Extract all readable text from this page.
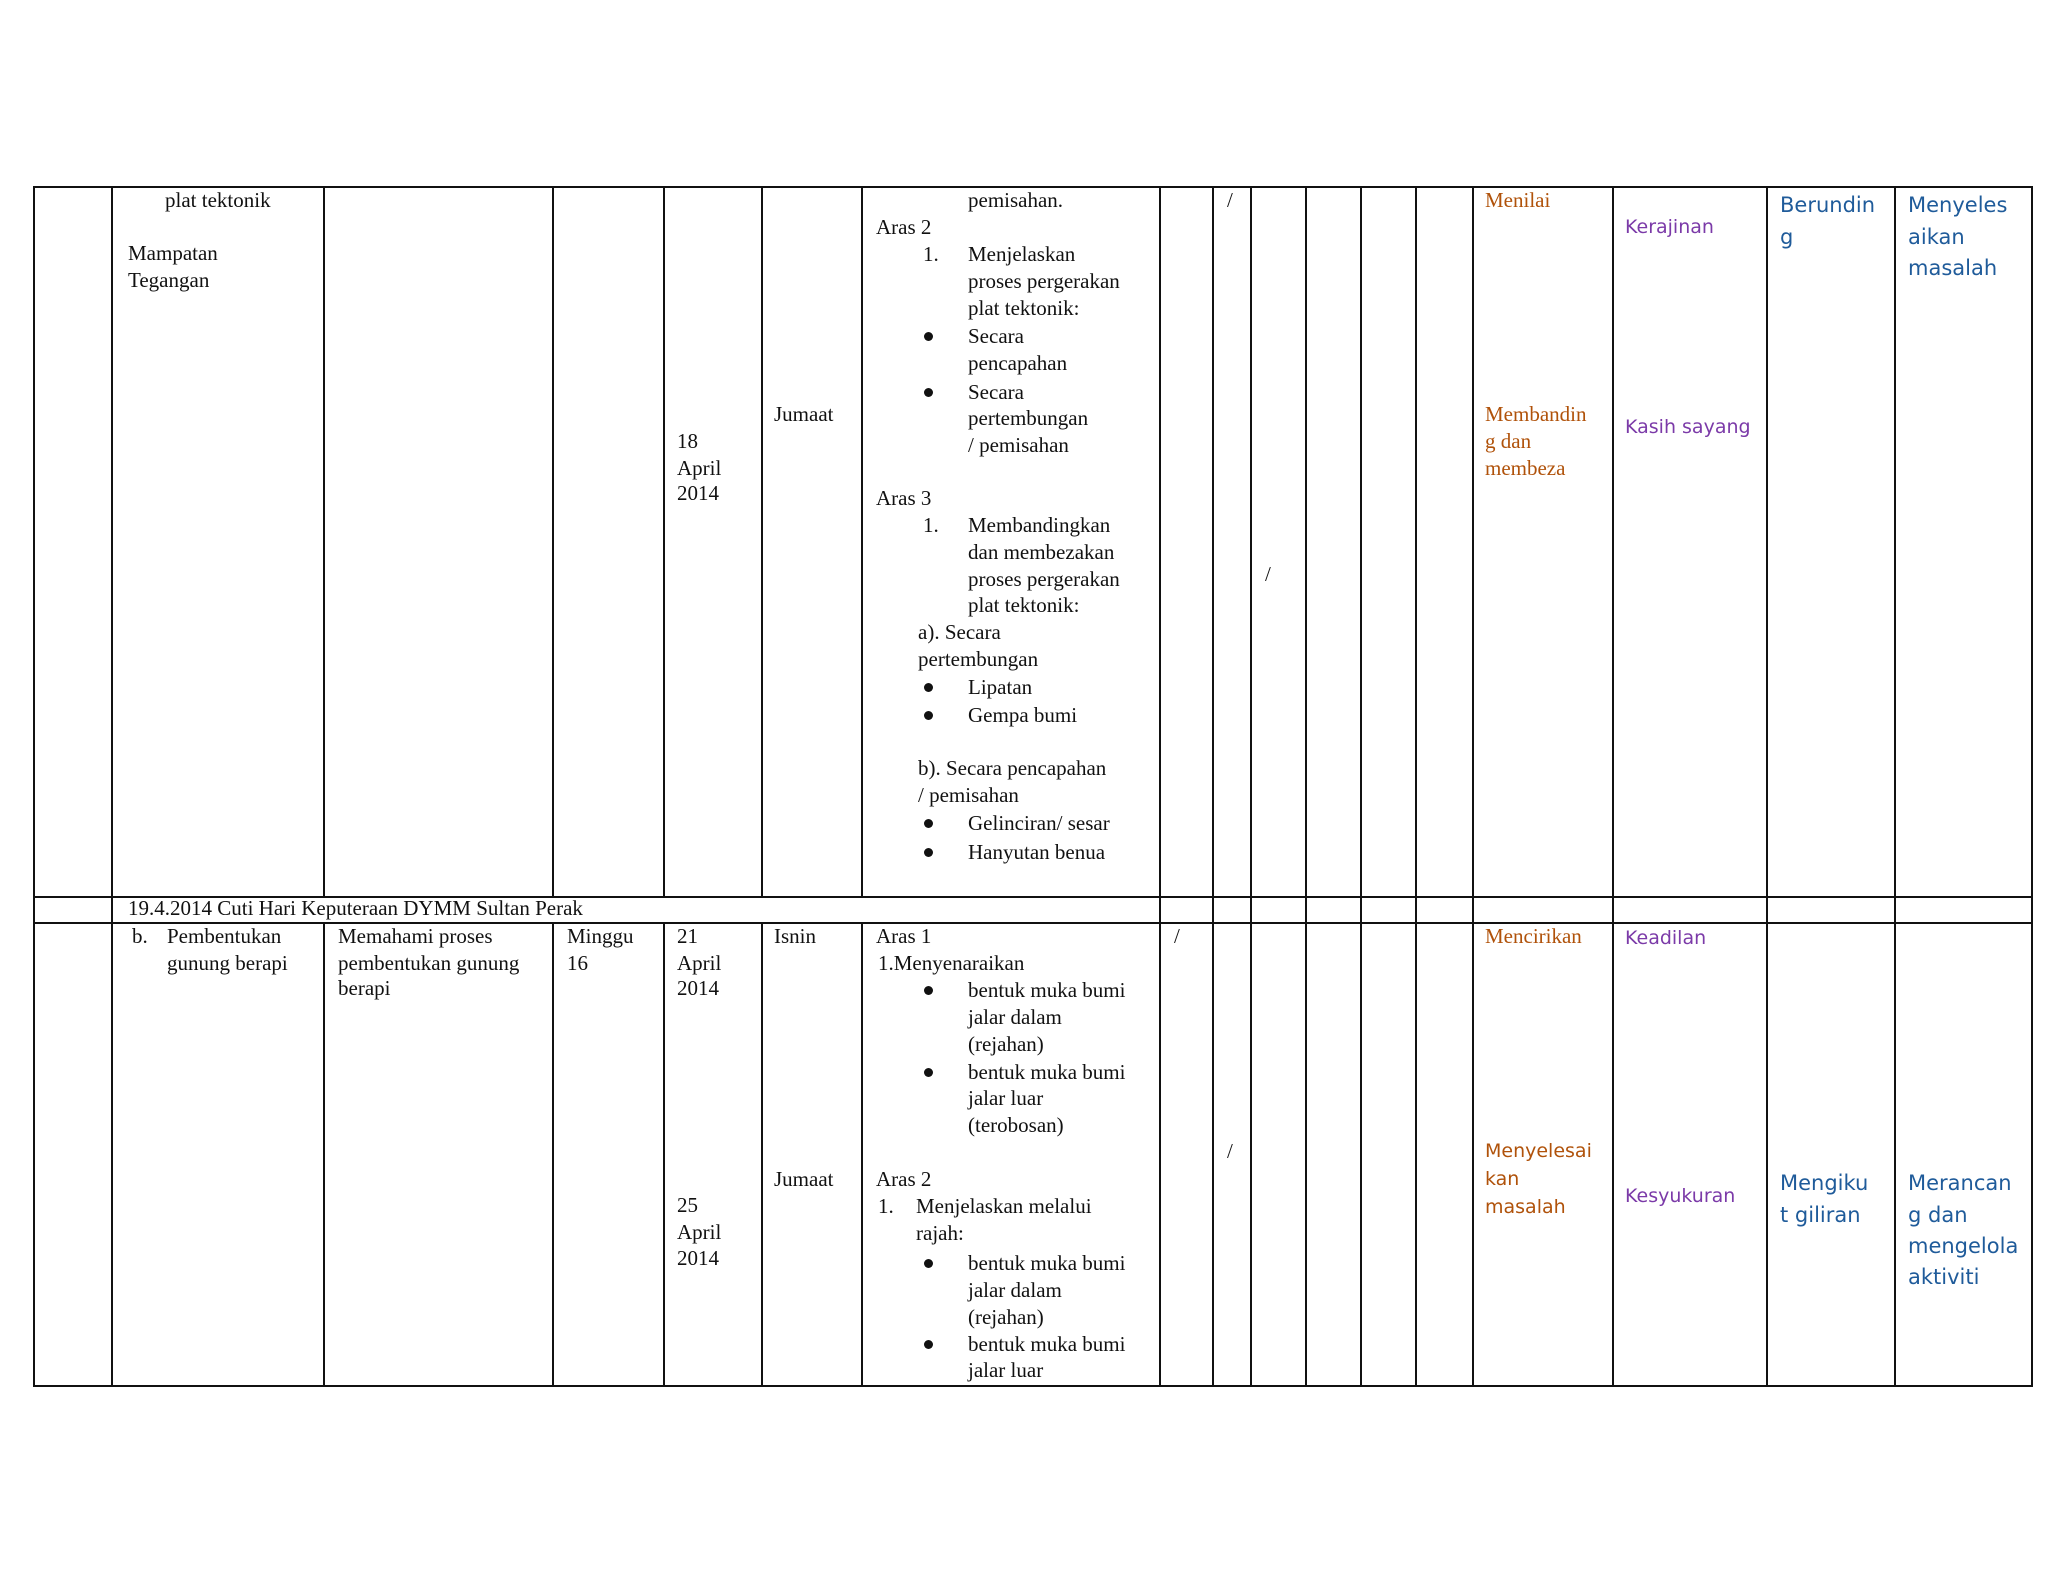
plat tektonik
Mampatan
Tegangan
18
April
2014
Jumaat
pemisahan.
Aras 2
1. Menjelaskan
proses pergerakan
plat tektonik:
Secara
pencapahan
Secara
pertembungan
/ pemisahan
Aras 3
1. Membandingkan
dan membezakan
proses pergerakan
plat tektonik:
a). Secara
pertembungan
Lipatan
Gempa bumi
b). Secara pencapahan
/ pemisahan
Gelinciran/ sesar
Hanyutan benua
/
/
Menilai
Membandin
g dan
membeza
Kerajinan
Kasih sayang
Berundin
g
Menyeles
aikan
masalah
19.4.2014 Cuti Hari Keputeraan DYMM Sultan Perak
b. Pembentukan
gunung berapi
Memahami proses
pembentukan gunung
berapi
Minggu
16
21
April
2014
25
April
2014
Isnin
Jumaat
Aras 1
1.Menyenaraikan
bentuk muka bumi
jalar dalam
(rejahan)
bentuk muka bumi
jalar luar
(terobosan)
Aras 2
1. Menjelaskan melalui
rajah:
bentuk muka bumi
jalar dalam
(rejahan)
bentuk muka bumi
jalar luar
/
/
Mencirikan
Menyelesai
kan
masalah
Keadilan
Kesyukuran
Mengiku
t giliran
Merancan
g dan
mengelola
aktiviti
